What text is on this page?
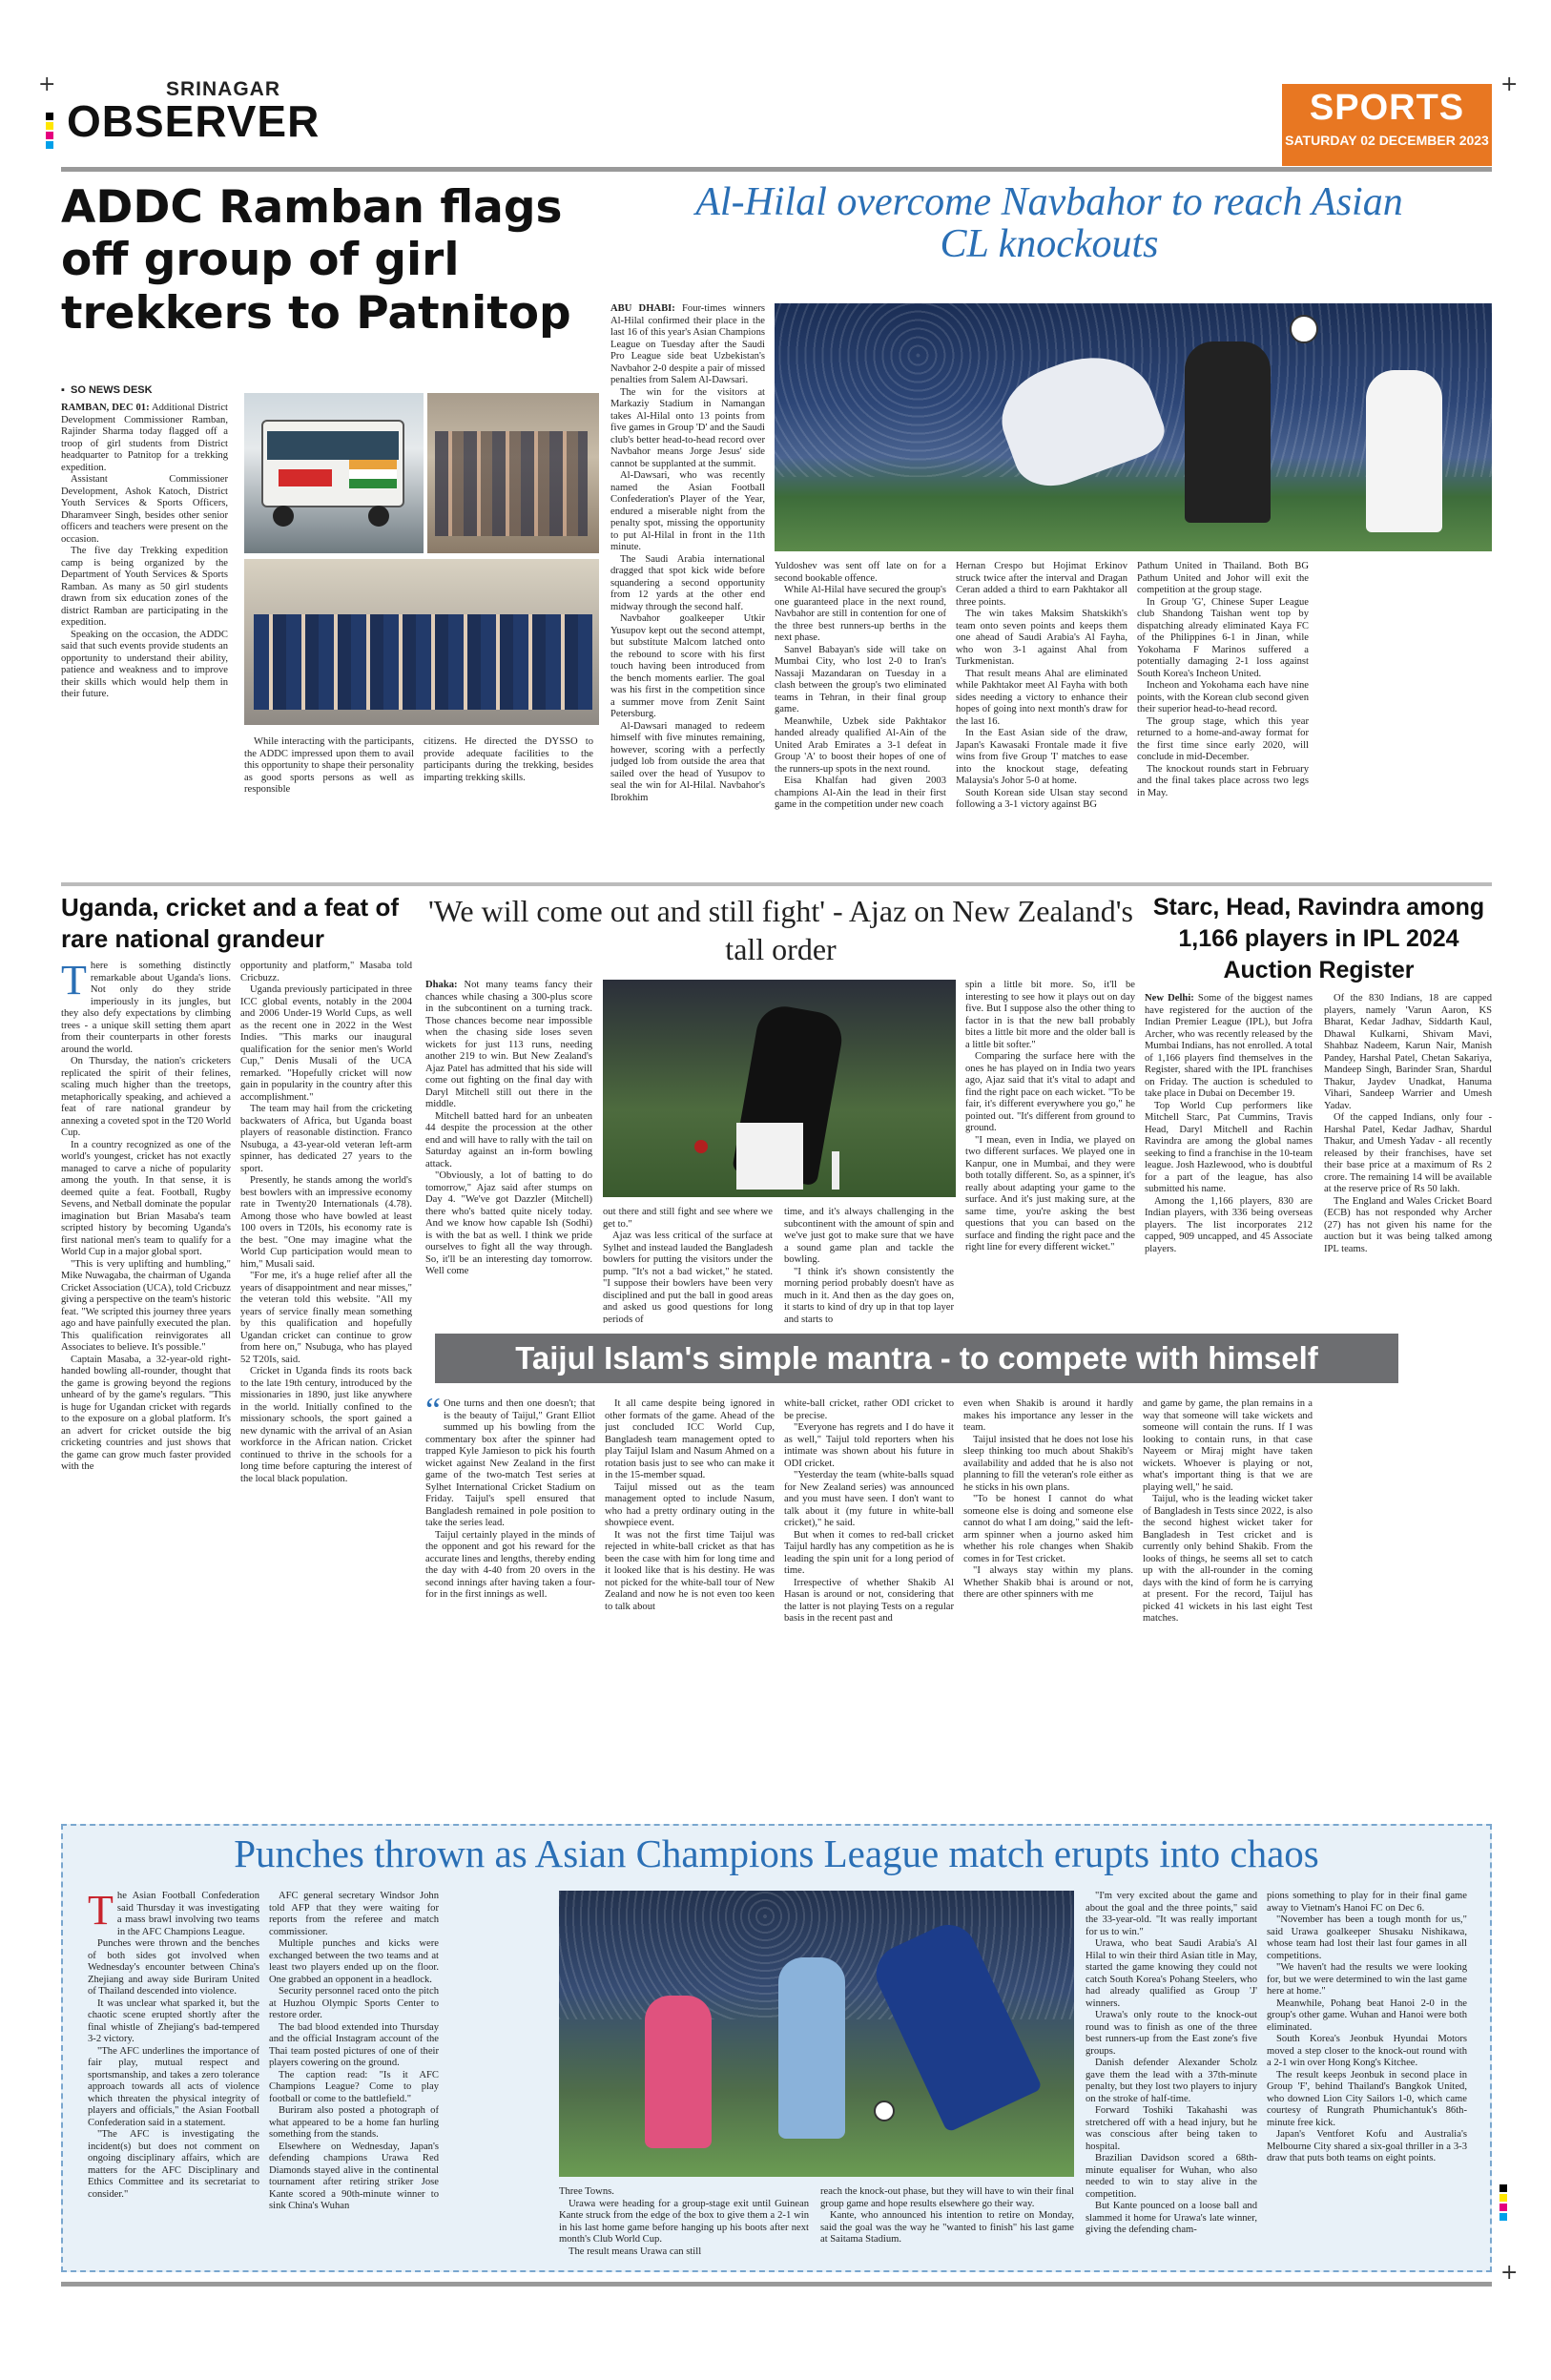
+	+
+
SRINAGAR
OBSERVER	SPORTS
SATURDAY 02 DECEMBER 2023
ADDC Ramban flags off group of girl trekkers to Patnitop
▪  SO NEWS DESK

RAMBAN, DEC 01: Additional District Development Commissioner Ramban, Rajinder Sharma today flagged off a troop of girl students from District headquarter to Patnitop for a trekking expedition.

Assistant Commissioner Development, Ashok Katoch, District Youth Services & Sports Officers, Dharamveer Singh, besides other senior officers and teachers were present on the occasion.

The five day Trekking expedition camp is being organized by the Department of Youth Services & Sports Ramban. As many as 50 girl students drawn from six education zones of the district Ramban are participating in the expedition.

Speaking on the occasion, the ADDC said that such events provide students an opportunity to understand their ability, patience and weakness and to improve their skills which would help them in their future.

While interacting with the participants, the ADDC impressed upon them to avail this opportunity to shape their personality as good sports persons as well as responsible

citizens. He directed the DYSSO to provide adequate facilities to the participants during the trekking, besides imparting trekking skills.

Al-Hilal overcome Navbahor to reach Asian CL knockouts

ABU DHABI: Four-times winners Al-Hilal confirmed their place in the last 16 of this year's Asian Champions League on Tuesday after the Saudi Pro League side beat Uzbekistan's Navbahor 2-0 despite a pair of missed penalties from Salem Al-Dawsari.

The win for the visitors at Markaziy Stadium in Namangan takes Al-Hilal onto 13 points from five games in Group 'D' and the Saudi club's better head-to-head record over Navbahor means Jorge Jesus' side cannot be supplanted at the summit.

Al-Dawsari, who was recently named the Asian Football Confederation's Player of the Year, endured a miserable night from the penalty spot, missing the opportunity to put Al-Hilal in front in the 11th minute.

The Saudi Arabia international dragged that spot kick wide before squandering a second opportunity from 12 yards at the other end midway through the second half.

Navbahor goalkeeper Utkir Yusupov kept out the second attempt, but substitute Malcom latched onto the rebound to score with his first touch having been introduced from the bench moments earlier. The goal was his first in the competition since a summer move from Zenit Saint Petersburg.

Al-Dawsari managed to redeem himself with five minutes remaining, however, scoring with a perfectly judged lob from outside the area that sailed over the head of Yusupov to seal the win for Al-Hilal. Navbahor's Ibrokhim

Yuldoshev was sent off late on for a second bookable offence.

While Al-Hilal have secured the group's one guaranteed place in the next round, Navbahor are still in contention for one of the three best runners-up berths in the next phase.

Sanvel Babayan's side will take on Mumbai City, who lost 2-0 to Iran's Nassaji Mazandaran on Tuesday in a clash between the group's two eliminated teams in Tehran, in their final group game.

Meanwhile, Uzbek side Pakhtakor handed already qualified Al-Ain of the United Arab Emirates a 3-1 defeat in Group 'A' to boost their hopes of one of the runners-up spots in the next round.

Eisa Khalfan had given 2003 champions Al-Ain the lead in their first game in the competition under new coach

Hernan Crespo but Hojimat Erkinov struck twice after the interval and Dragan Ceran added a third to earn Pakhtakor all three points.

The win takes Maksim Shatskikh's team onto seven points and keeps them one ahead of Saudi Arabia's Al Fayha, who won 3-1 against Ahal from Turkmenistan.

That result means Ahal are eliminated while Pakhtakor meet Al Fayha with both sides needing a victory to enhance their hopes of going into next month's draw for the last 16.

In the East Asian side of the draw, Japan's Kawasaki Frontale made it five wins from five Group 'I' matches to ease into the knockout stage, defeating Malaysia's Johor 5-0 at home.

South Korean side Ulsan stay second following a 3-1 victory against BG

Pathum United in Thailand. Both BG Pathum United and Johor will exit the competition at the group stage.

In Group 'G', Chinese Super League club Shandong Taishan went top by dispatching already eliminated Kaya FC of the Philippines 6-1 in Jinan, while Yokohama F Marinos suffered a potentially damaging 2-1 loss against South Korea's Incheon United.

Incheon and Yokohama each have nine points, with the Korean club second given their superior head-to-head record.

The group stage, which this year returned to a home-and-away format for the first time since early 2020, will conclude in mid-December.

The knockout rounds start in February and the final takes place across two legs in May.

Uganda, cricket and a feat of rare national grandeur

There is something distinctly remarkable about Uganda's lions. Not only do they stride imperiously in its jungles, but they also defy expectations by climbing trees - a unique skill setting them apart from their counterparts in other forests around the world.

On Thursday, the nation's cricketers replicated the spirit of their felines, scaling much higher than the treetops, metaphorically speaking, and achieved a feat of rare national grandeur by annexing a coveted spot in the T20 World Cup.

In a country recognized as one of the world's youngest, cricket has not exactly managed to carve a niche of popularity among the youth. In that sense, it is deemed quite a feat. Football, Rugby Sevens, and Netball dominate the popular imagination but Brian Masaba's team scripted history by becoming Uganda's first national men's team to qualify for a World Cup in a major global sport.

"This is very uplifting and humbling," Mike Nuwagaba, the chairman of Uganda Cricket Association (UCA), told Cricbuzz giving a perspective on the team's historic feat. "We scripted this journey three years ago and have painfully executed the plan. This qualification reinvigorates all Associates to believe. It's possible."

Captain Masaba, a 32-year-old right-handed bowling all-rounder, thought that the game is growing beyond the regions unheard of by the game's regulars. "This is huge for Ugandan cricket with regards to the exposure on a global platform. It's an advert for cricket outside the big cricketing countries and just shows that the game can grow much faster provided with the

opportunity and platform," Masaba told Cricbuzz.

Uganda previously participated in three ICC global events, notably in the 2004 and 2006 Under-19 World Cups, as well as the recent one in 2022 in the West Indies. "This marks our inaugural qualification for the senior men's World Cup," Denis Musali of the UCA remarked. "Hopefully cricket will now gain in popularity in the country after this accomplishment."

The team may hail from the cricketing backwaters of Africa, but Uganda boast players of reasonable distinction. Franco Nsubuga, a 43-year-old veteran left-arm spinner, has dedicated 27 years to the sport.

Presently, he stands among the world's best bowlers with an impressive economy rate in Twenty20 Internationals (4.78). Among those who have bowled at least 100 overs in T20Is, his economy rate is the best. "One may imagine what the World Cup participation would mean to him," Musali said.

"For me, it's a huge relief after all the years of disappointment and near misses," the veteran told this website. "All my years of service finally mean something by this qualification and hopefully Ugandan cricket can continue to grow from here on," Nsubuga, who has played 52 T20Is, said.

Cricket in Uganda finds its roots back to the late 19th century, introduced by the missionaries in 1890, just like anywhere in the world. Initially confined to the missionary schools, the sport gained a new dynamic with the arrival of an Asian workforce in the African nation. Cricket continued to thrive in the schools for a long time before capturing the interest of the local black population.

'We will come out and still fight' - Ajaz on New Zealand's tall order

Dhaka: Not many teams fancy their chances while chasing a 300-plus score in the subcontinent on a turning track. Those chances become near impossible when the chasing side loses seven wickets for just 113 runs, needing another 219 to win. But New Zealand's Ajaz Patel has admitted that his side will come out fighting on the final day with Daryl Mitchell still out there in the middle.

Mitchell batted hard for an unbeaten 44 despite the procession at the other end and will have to rally with the tail on Saturday against an in-form bowling attack.

"Obviously, a lot of batting to do tomorrow," Ajaz said after stumps on Day 4. "We've got Dazzler (Mitchell) there who's batted quite nicely today. And we know how capable Ish (Sodhi) is with the bat as well. I think we pride ourselves to fight all the way through. So, it'll be an interesting day tomorrow. Well come

out there and still fight and see where we get to."

Ajaz was less critical of the surface at Sylhet and instead lauded the Bangladesh bowlers for putting the visitors under the pump. "It's not a bad wicket," he stated. "I suppose their bowlers have been very disciplined and put the ball in good areas and asked us good questions for long periods of

time, and it's always challenging in the subcontinent with the amount of spin and we've just got to make sure that we have a sound game plan and tackle the bowling.

"I think it's shown consistently the morning period probably doesn't have as much in it. And then as the day goes on, it starts to kind of dry up in that top layer and starts to

spin a little bit more. So, it'll be interesting to see how it plays out on day five. But I suppose also the other thing to factor in is that the new ball probably bites a little bit more and the older ball is a little bit softer."

Comparing the surface here with the ones he has played on in India two years ago, Ajaz said that it's vital to adapt and find the right pace on each wicket. "To be fair, it's different everywhere you go," he pointed out. "It's different from ground to ground.

"I mean, even in India, we played on two different surfaces. We played one in Kanpur, one in Mumbai, and they were both totally different. So, as a spinner, it's really about adapting your game to the surface. And it's just making sure, at the same time, you're asking the best questions that you can based on the surface and finding the right pace and the right line for every different wicket."

Starc, Head, Ravindra among 1,166 players in IPL 2024 Auction Register

New Delhi: Some of the biggest names have registered for the auction of the Indian Premier League (IPL), but Jofra Archer, who was recently released by the Mumbai Indians, has not enrolled. A total of 1,166 players find themselves in the Register, shared with the IPL franchises on Friday. The auction is scheduled to take place in Dubai on December 19.

Top World Cup performers like Mitchell Starc, Pat Cummins, Travis Head, Daryl Mitchell and Rachin Ravindra are among the global names seeking to find a franchise in the 10-team league. Josh Hazlewood, who is doubtful for a part of the league, has also submitted his name.

Among the 1,166 players, 830 are Indian players, with 336 being overseas players. The list incorporates 212 capped, 909 uncapped, and 45 Associate players.

Of the 830 Indians, 18 are capped players, namely 'Varun Aaron, KS Bharat, Kedar Jadhav, Siddarth Kaul, Dhawal Kulkarni, Shivam Mavi, Shahbaz Nadeem, Karun Nair, Manish Pandey, Harshal Patel, Chetan Sakariya, Mandeep Singh, Barinder Sran, Shardul Thakur, Jaydev Unadkat, Hanuma Vihari, Sandeep Warrier and Umesh Yadav.

Of the capped Indians, only four - Harshal Patel, Kedar Jadhav, Shardul Thakur, and Umesh Yadav - all recently released by their franchises, have set their base price at a maximum of Rs 2 crore. The remaining 14 will be available at the reserve price of Rs 50 lakh.

The England and Wales Cricket Board (ECB) has not responded why Archer (27) has not given his name for the auction but it was being talked among IPL teams.

Taijul Islam's simple mantra - to compete with himself

“ One turns and then one doesn't; that is the beauty of Taijul," Grant Elliot summed up his bowling from the commentary box after the spinner had trapped Kyle Jamieson to pick his fourth wicket against New Zealand in the first game of the two-match Test series at Sylhet International Cricket Stadium on Friday. Taijul's spell ensured that Bangladesh remained in pole position to take the series lead.

Taijul certainly played in the minds of the opponent and got his reward for the accurate lines and lengths, thereby ending the day with 4-40 from 20 overs in the second innings after having taken a four-for in the first innings as well.

It all came despite being ignored in other formats of the game. Ahead of the just concluded ICC World Cup, Bangladesh team management opted to play Taijul Islam and Nasum Ahmed on a rotation basis just to see who can make it in the 15-member squad.

Taijul missed out as the team management opted to include Nasum, who had a pretty ordinary outing in the showpiece event.

It was not the first time Taijul was rejected in white-ball cricket as that has been the case with him for long time and it looked like that is his destiny. He was not picked for the white-ball tour of New Zealand and now he is not even too keen to talk about

white-ball cricket, rather ODI cricket to be precise.

"Everyone has regrets and I do have it as well," Taijul told reporters when his intimate was shown about his future in ODI cricket.

"Yesterday the team (white-balls squad for New Zealand series) was announced and you must have seen. I don't want to talk about it (my future in white-ball cricket)," he said.

But when it comes to red-ball cricket Taijul hardly has any competition as he is leading the spin unit for a long period of time.

Irrespective of whether Shakib Al Hasan is around or not, considering that the latter is not playing Tests on a regular basis in the recent past and

even when Shakib is around it hardly makes his importance any lesser in the team.

Taijul insisted that he does not lose his sleep thinking too much about Shakib's availability and added that he is also not planning to fill the veteran's role either as he sticks in his own plans.

"To be honest I cannot do what someone else is doing and someone else cannot do what I am doing," said the left-arm spinner when a journo asked him whether his role changes when Shakib comes in for Test cricket.

"I always stay within my plans. Whether Shakib bhai is around or not, there are other spinners with me

and game by game, the plan remains in a way that someone will take wickets and someone will contain the runs. If I was looking to contain runs, in that case Nayeem or Miraj might have taken wickets. Whoever is playing or not, what's important thing is that we are playing well," he said.

Taijul, who is the leading wicket taker of Bangladesh in Tests since 2022, is also the second highest wicket taker for Bangladesh in Test cricket and is currently only behind Shakib. From the looks of things, he seems all set to catch up with the all-rounder in the coming days with the kind of form he is carrying at present. For the record, Taijul has picked 41 wickets in his last eight Test matches.

Punches thrown as Asian Champions League match erupts into chaos

The Asian Football Confederation said Thursday it was investigating a mass brawl involving two teams in the AFC Champions League.

Punches were thrown and the benches of both sides got involved when Wednesday's encounter between China's Zhejiang and away side Buriram United of Thailand descended into violence.

It was unclear what sparked it, but the chaotic scene erupted shortly after the final whistle of Zhejiang's bad-tempered 3-2 victory.

"The AFC underlines the importance of fair play, mutual respect and sportsmanship, and takes a zero tolerance approach towards all acts of violence which threaten the physical integrity of players and officials," the Asian Football Confederation said in a statement.

"The AFC is investigating the incident(s) but does not comment on ongoing disciplinary affairs, which are matters for the AFC Disciplinary and Ethics Committee and its secretariat to consider."

AFC general secretary Windsor John told AFP that they were waiting for reports from the referee and match commissioner.

Multiple punches and kicks were exchanged between the two teams and at least two players ended up on the floor. One grabbed an opponent in a headlock.

Security personnel raced onto the pitch at Huzhou Olympic Sports Center to restore order.

The bad blood extended into Thursday and the official Instagram account of the Thai team posted pictures of one of their players cowering on the ground.

The caption read: "Is it AFC Champions League? Come to play football or come to the battlefield."

Buriram also posted a photograph of what appeared to be a home fan hurling something from the stands.

Elsewhere on Wednesday, Japan's defending champions Urawa Red Diamonds stayed alive in the continental tournament after retiring striker Jose Kante scored a 90th-minute winner to sink China's Wuhan

Three Towns.

Urawa were heading for a group-stage exit until Guinean Kante struck from the edge of the box to give them a 2-1 win in his last home game before hanging up his boots after next month's Club World Cup.

The result means Urawa can still

reach the knock-out phase, but they will have to win their final group game and hope results elsewhere go their way.

Kante, who announced his intention to retire on Monday, said the goal was the way he "wanted to finish" his last game at Saitama Stadium.

"I'm very excited about the game and about the goal and the three points," said the 33-year-old. "It was really important for us to win."

Urawa, who beat Saudi Arabia's Al Hilal to win their third Asian title in May, started the game knowing they could not catch South Korea's Pohang Steelers, who had already qualified as Group 'J' winners.

Urawa's only route to the knock-out round was to finish as one of the three best runners-up from the East zone's five groups.

Danish defender Alexander Scholz gave them the lead with a 37th-minute penalty, but they lost two players to injury on the stroke of half-time.

Forward Toshiki Takahashi was stretchered off with a head injury, but he was conscious after being taken to hospital.

Brazilian Davidson scored a 68th-minute equaliser for Wuhan, who also needed to win to stay alive in the competition.

But Kante pounced on a loose ball and slammed it home for Urawa's late winner, giving the defending cham-

pions something to play for in their final game away to Vietnam's Hanoi FC on Dec 6.

"November has been a tough month for us," said Urawa goalkeeper Shusaku Nishikawa, whose team had lost their last four games in all competitions.

"We haven't had the results we were looking for, but we were determined to win the last game here at home."

Meanwhile, Pohang beat Hanoi 2-0 in the group's other game. Wuhan and Hanoi were both eliminated.

South Korea's Jeonbuk Hyundai Motors moved a step closer to the knock-out round with a 2-1 win over Hong Kong's Kitchee.

The result keeps Jeonbuk in second place in Group 'F', behind Thailand's Bangkok United, who downed Lion City Sailors 1-0, which came courtesy of Rungrath Phumichantuk's 86th-minute free kick.

Japan's Ventforet Kofu and Australia's Melbourne City shared a six-goal thriller in a 3-3 draw that puts both teams on eight points.
